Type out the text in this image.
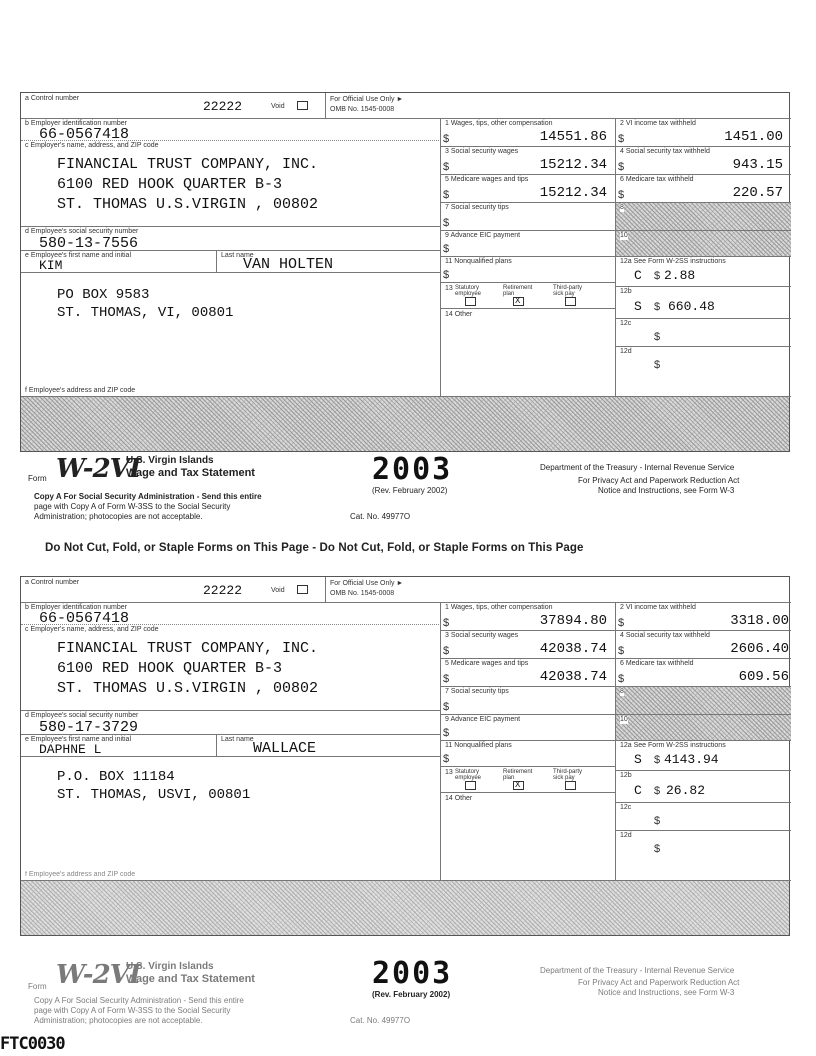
a Control number
22222	Void
For Official Use Only ►
OMB No. 1545-0008
b Employer identification number
66-0567418
c Employer's name, address, and ZIP code
FINANCIAL TRUST COMPANY, INC.
6100 RED HOOK QUARTER B-3
ST. THOMAS U.S.VIRGIN , 00802
d Employee's social security number
580-13-7556
e Employee's first name and initial
KIM
Last name
VAN HOLTEN
PO BOX 9583
ST. THOMAS, VI, 00801
f Employee's address and ZIP code
1 Wages, tips, other compensation
$	14551.86
3 Social security wages
$	15212.34
5 Medicare wages and tips
$	15212.34
7 Social security tips
$
9 Advance EIC payment
$
11 Nonqualified plans
$
13 Statutory employee
Retirement plan
Third-party sick pay
X
14 Other
2 VI income tax withheld
$	1451.00
4 Social security tax withheld
$	943.15
6 Medicare tax withheld
$	220.57
8
10
12a See Form W-2SS instructions
C $ 2.88
12b
S $ 660.48
12c
$
12d
$
Form W-2VI
U.S. Virgin Islands
Wage and Tax Statement	2003
(Rev. February 2002)
Department of the Treasury - Internal Revenue Service
For Privacy Act and Paperwork Reduction Act
Notice and Instructions, see Form W-3
Copy A For Social Security Administration - Send this entire
page with Copy A of Form W-3SS to the Social Security
Administration; photocopies are not acceptable.	Cat. No. 49977O
Do Not Cut, Fold, or Staple Forms on This Page - Do Not Cut, Fold, or Staple Forms on This Page
a Control number
22222	Void
For Official Use Only ►
OMB No. 1545-0008
b Employer identification number
66-0567418
c Employer's name, address, and ZIP code
FINANCIAL TRUST COMPANY, INC.
6100 RED HOOK QUARTER B-3
ST. THOMAS U.S.VIRGIN , 00802
d Employee's social security number
580-17-3729
e Employee's first name and initial
DAPHNE L
Last name
WALLACE
P.O. BOX 11184
ST. THOMAS, USVI, 00801
f Employee's address and ZIP code
1 Wages, tips, other compensation
$	37894.80
3 Social security wages
$	42038.74
5 Medicare wages and tips
$	42038.74
7 Social security tips
$
9 Advance EIC payment
$
11 Nonqualified plans
$
13 Statutory employee
Retirement plan
Third-party sick pay
X
14 Other
2 VI income tax withheld
$	3318.00
4 Social security tax withheld
$	2606.40
6 Medicare tax withheld
$	609.56
8
10
12a See Form W-2SS instructions
S $ 4143.94
12b
C $ 26.82
12c
$
12d
$
Form W-2VI
U.S. Virgin Islands
Wage and Tax Statement
Department of the Treasury - Internal Revenue Service
For Privacy Act and Paperwork Reduction Act
Notice and Instructions, see Form W-3
Copy A For Social Security Administration - Send this entire
page with Copy A of Form W-3SS to the Social Security
Administration; photocopies are not acceptable.	Cat. No. 49977O
2003
(Rev. February 2002)
FTC0030
